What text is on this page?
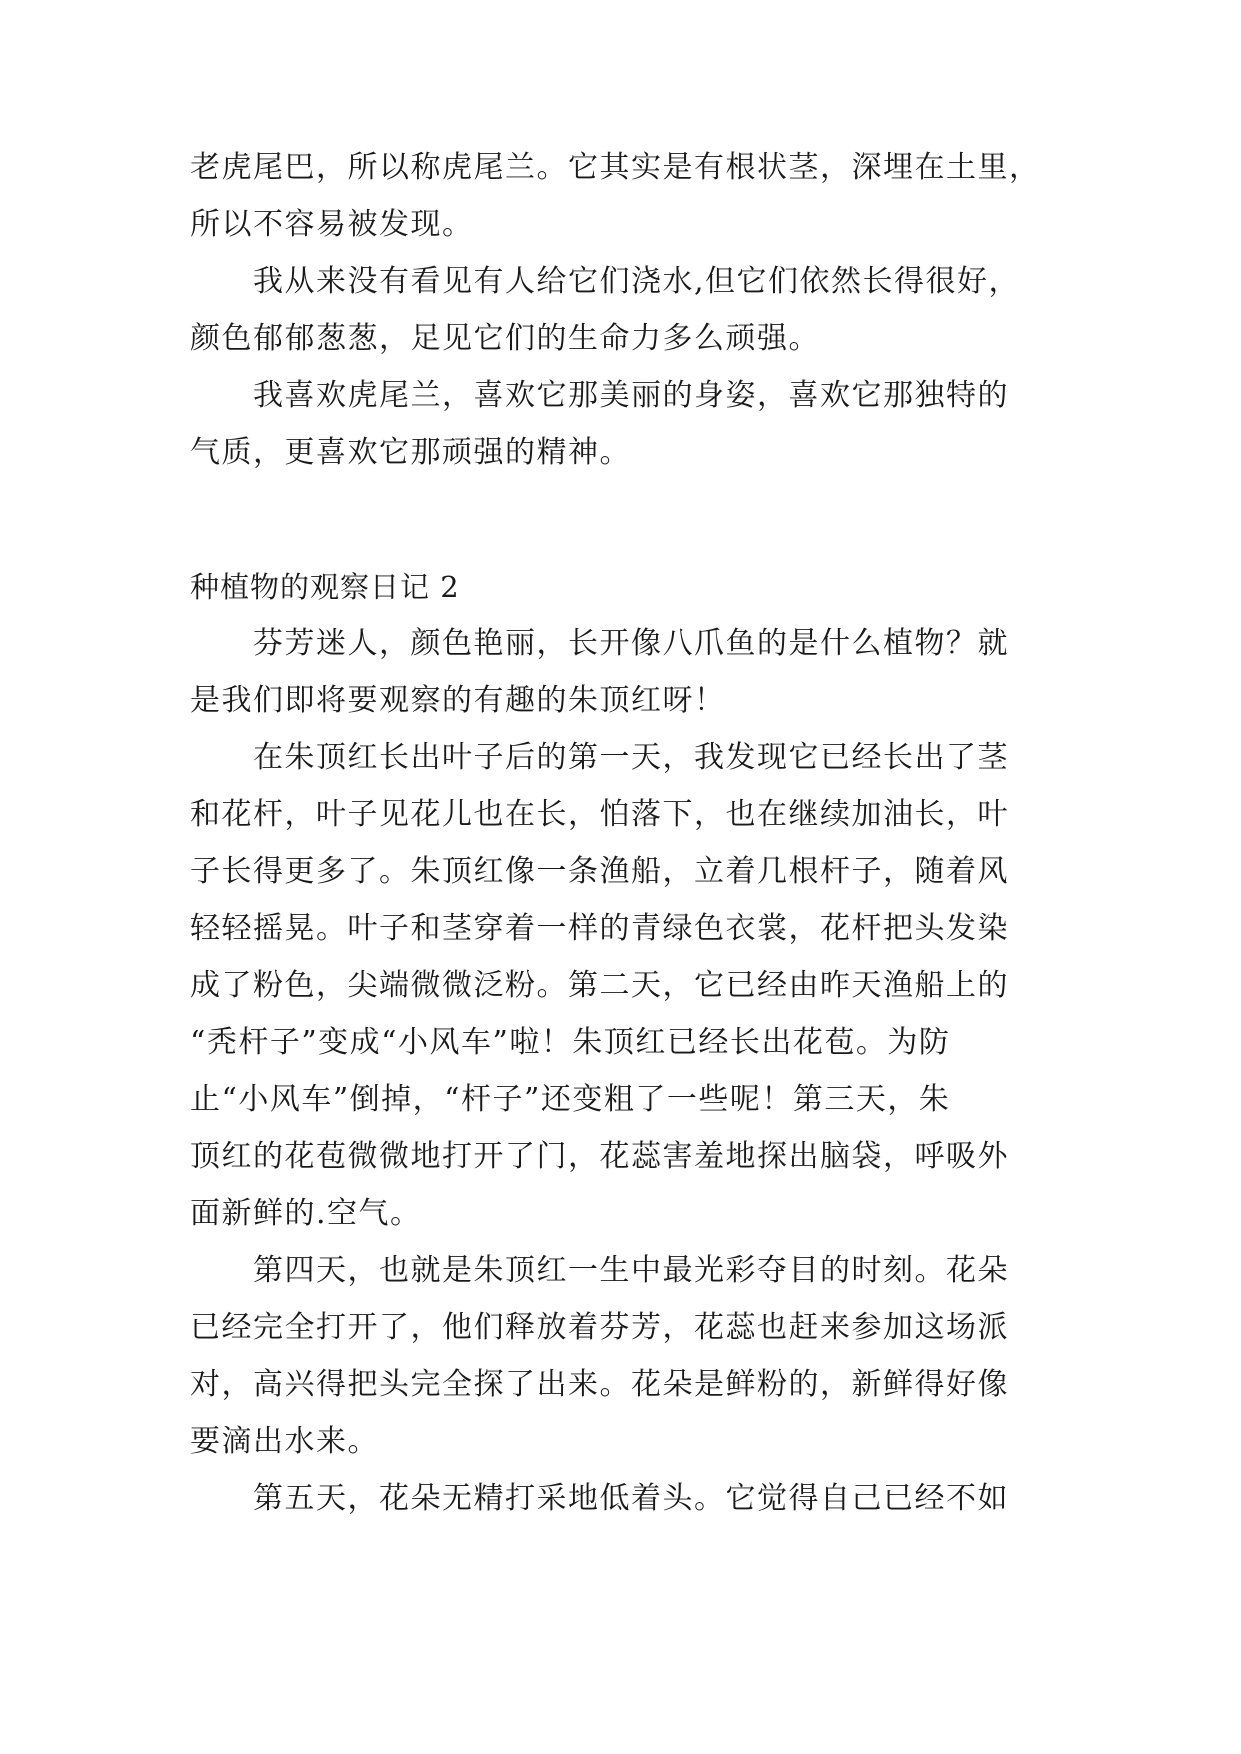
老虎尾巴，所以称虎尾兰。它其实是有根状茎，深埋在土里，
所以不容易被发现。
我从来没有看见有人给它们浇水,但它们依然长得很好，
颜色郁郁葱葱，足见它们的生命力多么顽强。
我喜欢虎尾兰，喜欢它那美丽的身姿，喜欢它那独特的
气质，更喜欢它那顽强的精神。
种植物的观察日记 2
芬芳迷人，颜色艳丽，长开像八爪鱼的是什么植物？就
是我们即将要观察的有趣的朱顶红呀！
在朱顶红长出叶子后的第一天，我发现它已经长出了茎
和花杆，叶子见花儿也在长，怕落下，也在继续加油长，叶
子长得更多了。朱顶红像一条渔船，立着几根杆子，随着风
轻轻摇晃。叶子和茎穿着一样的青绿色衣裳，花杆把头发染
成了粉色，尖端微微泛粉。第二天，它已经由昨天渔船上的
“秃杆子”变成“小风车”啦！朱顶红已经长出花苞。为防
止“小风车”倒掉，“杆子”还变粗了一些呢！第三天，朱
顶红的花苞微微地打开了门，花蕊害羞地探出脑袋，呼吸外
面新鲜的.空气。
第四天，也就是朱顶红一生中最光彩夺目的时刻。花朵
已经完全打开了，他们释放着芬芳，花蕊也赶来参加这场派
对，高兴得把头完全探了出来。花朵是鲜粉的，新鲜得好像
要滴出水来。
第五天，花朵无精打采地低着头。它觉得自己已经不如
